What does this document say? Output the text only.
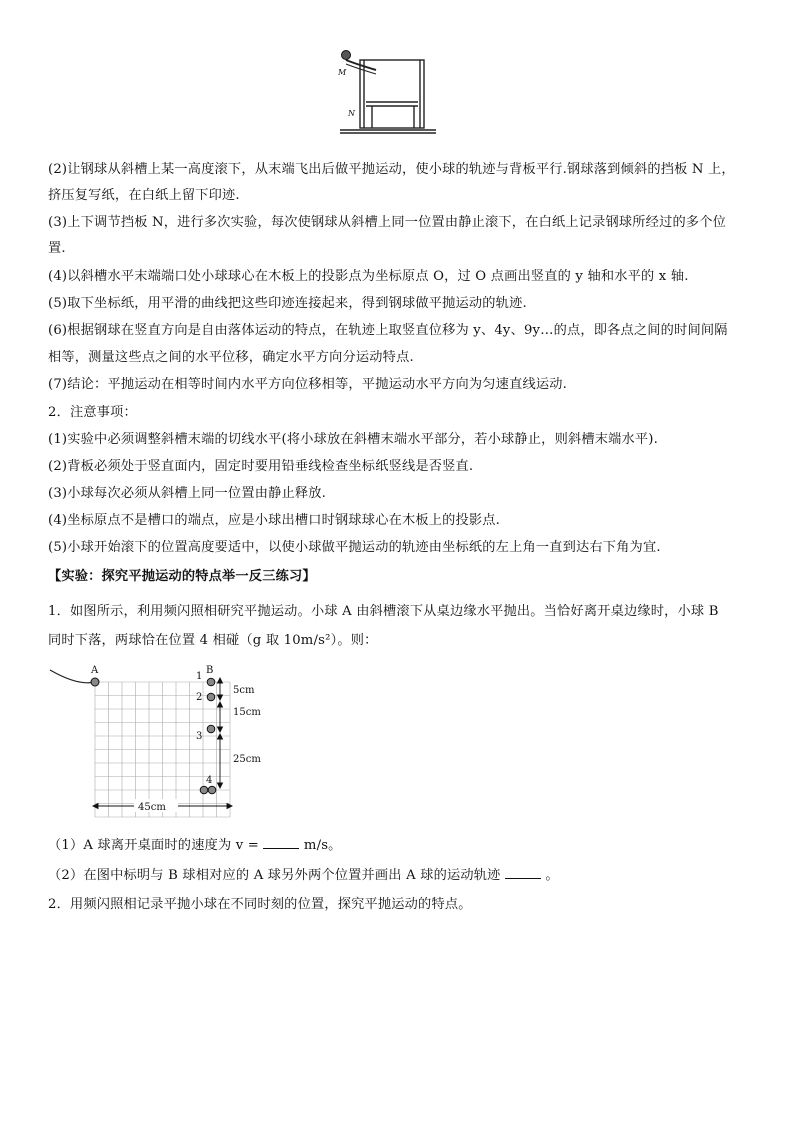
M
N
(2)让钢球从斜槽上某一高度滚下，从末端飞出后做平抛运动，使小球的轨迹与背板平行.钢球落到倾斜的挡板 N 上，
挤压复写纸，在白纸上留下印迹.
(3)上下调节挡板 N，进行多次实验，每次使钢球从斜槽上同一位置由静止滚下，在白纸上记录钢球所经过的多个位
置.
(4)以斜槽水平末端端口处小球球心在木板上的投影点为坐标原点 O，过 O 点画出竖直的 y 轴和水平的 x 轴.
(5)取下坐标纸，用平滑的曲线把这些印迹连接起来，得到钢球做平抛运动的轨迹.
(6)根据钢球在竖直方向是自由落体运动的特点，在轨迹上取竖直位移为 y、4y、9y…的点，即各点之间的时间间隔
相等，测量这些点之间的水平位移，确定水平方向分运动特点.
(7)结论：平抛运动在相等时间内水平方向位移相等，平抛运动水平方向为匀速直线运动.
2．注意事项：
(1)实验中必须调整斜槽末端的切线水平(将小球放在斜槽末端水平部分，若小球静止，则斜槽末端水平).
(2)背板必须处于竖直面内，固定时要用铅垂线检查坐标纸竖线是否竖直.
(3)小球每次必须从斜槽上同一位置由静止释放.
(4)坐标原点不是槽口的端点，应是小球出槽口时钢球球心在木板上的投影点.
(5)小球开始滚下的位置高度要适中，以使小球做平抛运动的轨迹由坐标纸的左上角一直到达右下角为宜.
【实验：探究平抛运动的特点举一反三练习】
1．如图所示，利用频闪照相研究平抛运动。小球 A 由斜槽滚下从桌边缘水平抛出。当恰好离开桌边缘时，小球 B
同时下落，两球恰在位置 4 相碰（g 取 10m/s²）。则：
A	B
1
2
3
4
5cm
15cm
25cm
45cm
（1）A 球离开桌面时的速度为 v =	m/s。
（2）在图中标明与 B 球相对应的 A 球另外两个位置并画出 A 球的运动轨迹	。
2．用频闪照相记录平抛小球在不同时刻的位置，探究平抛运动的特点。
